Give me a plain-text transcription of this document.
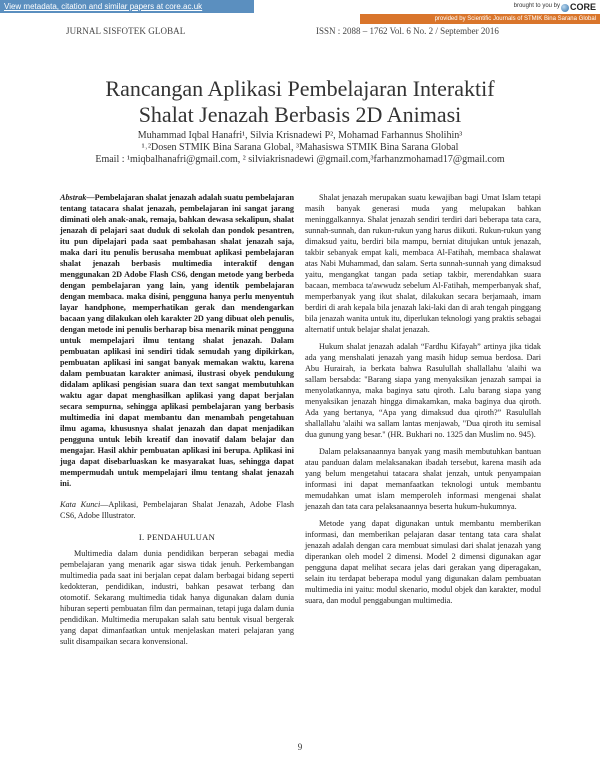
View metadata, citation and similar papers at core.ac.uk	brought to you by	CORE
provided by Scientific Journals of STMIK Bina Sarana Global
JURNAL SISFOTEK GLOBAL	ISSN : 2088 – 1762 Vol. 6 No. 2 / September 2016
Rancangan Aplikasi Pembelajaran Interaktif
Shalat Jenazah Berbasis 2D Animasi
Muhammad Iqbal Hanafri¹, Silvia Krisnadewi P², Mohamad Farhannus Sholihin³
¹˒²Dosen STMIK Bina Sarana Global, ³Mahasiswa STMIK Bina Sarana Global
Email : ¹miqbalhanafri@gmail.com, ² silviakrisnadewi @gmail.com,³farhanzmohamad17@gmail.com

Abstrak—Pembelajaran shalat jenazah adalah suatu pembelajaran tentang tatacara shalat jenazah, pembelajaran ini sangat jarang diminati oleh anak-anak, remaja, bahkan dewasa sekalipun, shalat jenazah di pelajari saat duduk di sekolah dan pondok pesantren, itu pun dipelajari pada saat pembahasan shalat jenazah saja, maka dari itu penulis berusaha membuat aplikasi pembelajaran shalat jenazah berbasis multimedia interaktif dengan menggunakan 2D Adobe Flash CS6, dengan metode yang berbeda dengan pembelajaran yang lain, yang identik pembelajaran dengan membaca. maka disini, pengguna hanya perlu menyentuh layar handphone, memperhatikan gerak dan mendengarkan bacaan yang dilakukan oleh karakter 2D yang dibuat oleh penulis, dengan metode ini penulis berharap bisa menarik minat pengguna untuk mempelajari ilmu tentang shalat jenazah. Dalam pembuatan aplikasi ini sendiri tidak semudah yang dipikirkan, pembuatan aplikasi ini sangat banyak memakan waktu, karena dalam pembuatan karakter animasi, ilustrasi obyek pendukung didalam aplikasi pengisian suara dan text sangat membutuhkan waktu agar dapat menghasilkan aplikasi yang dapat berjalan secara sempurna, sehingga aplikasi pembelajaran yang berbasis multimedia ini dapat membantu dan menambah pengetahuan ilmu agama, khususnya shalat jenazah dan dapat menjadikan pengguna untuk lebih kreatif dan inovatif dalam belajar dan mengajar. Hasil akhir pembuatan aplikasi ini berupa. Aplikasi ini juga dapat disebarluaskan ke masyarakat luas, sehingga dapat mempermudah untuk mempelajari ilmu tentang shalat jenazah ini.

Kata Kunci—Aplikasi, Pembelajaran Shalat Jenazah, Adobe Flash CS6, Adobe Illustrator.

I. PENDAHULUAN

Multimedia dalam dunia pendidikan berperan sebagai media pembelajaran yang menarik agar siswa tidak jenuh. Perkembangan multimedia pada saat ini berjalan cepat dalam berbagai bidang seperti kedokteran, pendidikan, industri, bahkan pesawat terbang dan otomotif. Sekarang multimedia tidak hanya digunakan dalam dunia hiburan seperti pembuatan film dan permainan, tetapi juga dalam dunia pendidikan. Multimedia merupakan salah satu bentuk visual bergerak yang dapat dimanfaatkan untuk menjelaskan materi pelajaran yang sulit disampaikan secara konvensional.

Shalat jenazah merupakan suatu kewajiban bagi Umat Islam tetapi masih banyak generasi muda yang melupakan bahkan meninggalkannya. Shalat jenazah sendiri terdiri dari beberapa tata cara, sunnah-sunnah, dan rukun-rukun yang harus diikuti. Rukun-rukun yang dimaksud yaitu, berdiri bila mampu, berniat ditujukan untuk jenazah, takbir sebanyak empat kali, membaca Al-Fatihah, membaca shalawat atas Nabi Muhammad, dan salam. Serta sunnah-sunnah yang dimaksud yaitu, mengangkat tangan pada setiap takbir, merendahkan suara bacaan, membaca ta'awwudz sebelum Al-Fatihah, memperbanyak shaf, memperbanyak yang ikut shalat, dilakukan secara berjamaah, imam berdiri di arah kepala bila jenazah laki-laki dan di arah tengah pinggang bila jenazah wanita untuk itu, diperlukan teknologi yang praktis sebagai alternatif untuk belajar shalat jenazah.

Hukum shalat jenazah adalah “Fardhu Kifayah” artinya jika tidak ada yang menshalati jenazah yang masih hidup semua berdosa. Dari Abu Hurairah, ia berkata bahwa Rasulullah shallallahu 'alaihi wa sallam bersabda: "Barang siapa yang menyaksikan jenazah sampai ia menyolatkannya, maka baginya satu qiroth. Lalu barang siapa yang menyaksikan jenazah hingga dimakamkan, maka baginya dua qiroth. Ada yang bertanya, “Apa yang dimaksud dua qiroth?” Rasulullah shallallahu 'alaihi wa sallam lantas menjawab, "Dua qiroth itu semisal dua gunung yang besar." (HR. Bukhari no. 1325 dan Muslim no. 945).

Dalam pelaksanaannya banyak yang masih membutuhkan bantuan atau panduan dalam melaksanakan ibadah tersebut, karena masih ada yang belum mengetahui tatacara shalat jenzah, untuk penyampaian informasi ini dapat memanfaatkan teknologi untuk membantu memudahkan umat islam memperoleh informasi mengenai shalat jenazah dan tata cara pelaksanaannya beserta hukum-hukumnya.

Metode yang dapat digunakan untuk membantu memberikan informasi, dan memberikan pelajaran dasar tentang tata cara shalat jenazah adalah dengan cara membuat simulasi dari shalat jenazah yang diperankan oleh model 2 dimensi. Model 2 dimensi digunakan agar pengguna dapat melihat secara jelas dari gerakan yang diperagakan, selain itu terdapat beberapa modul yang digunakan dalam pembuatan multimedia ini yaitu: modul skenario, modul objek dan karakter, modul suara, dan modul penggabungan multimedia.

9
